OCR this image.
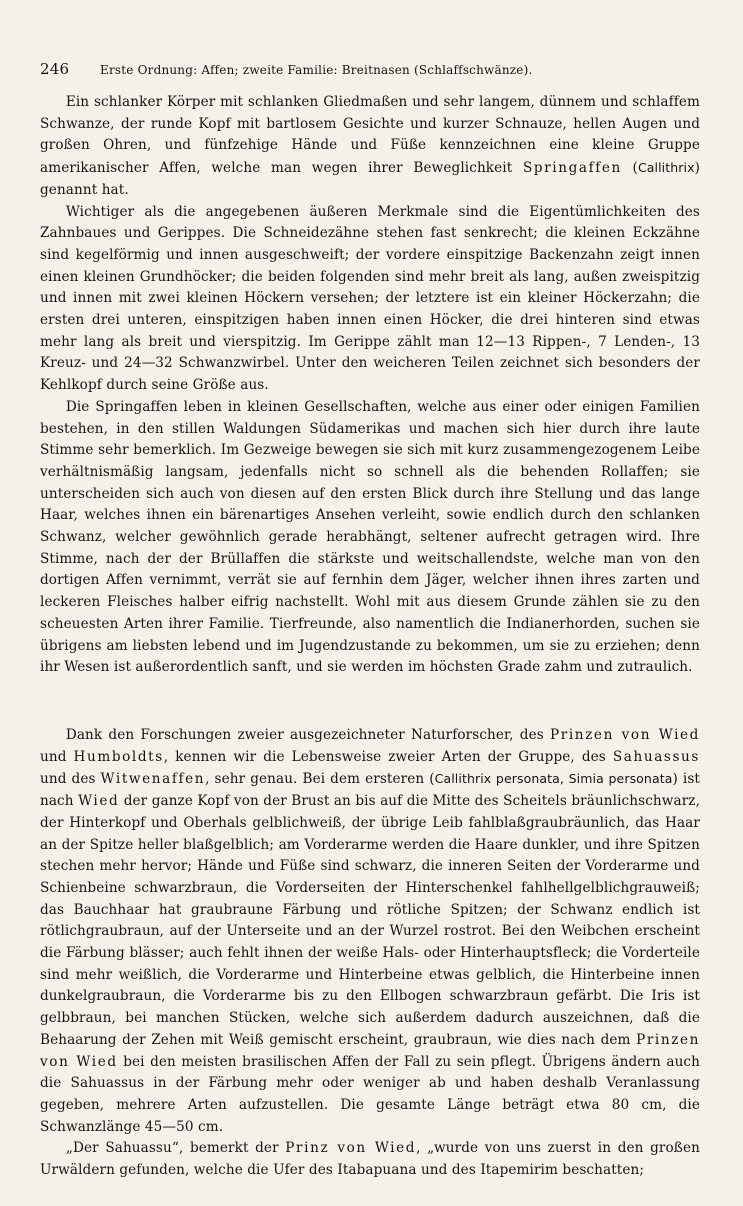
246	Erste Ordnung: Affen; zweite Familie: Breitnasen (Schlaffschwänze).

Ein schlanker Körper mit schlanken Gliedmaßen und sehr langem, dünnem und schlaffem Schwanze, der runde Kopf mit bartlosem Gesichte und kurzer Schnauze, hellen Augen und großen Ohren, und fünfzehige Hände und Füße kennzeichnen eine kleine Gruppe amerikanischer Affen, welche man wegen ihrer Beweglichkeit Springaffen (Callithrix) genannt hat.

Wichtiger als die angegebenen äußeren Merkmale sind die Eigentümlichkeiten des Zahnbaues und Gerippes. Die Schneidezähne stehen fast senkrecht; die kleinen Eckzähne sind kegelförmig und innen ausgeschweift; der vordere einspitzige Backenzahn zeigt innen einen kleinen Grundhöcker; die beiden folgenden sind mehr breit als lang, außen zweispitzig und innen mit zwei kleinen Höckern versehen; der letztere ist ein kleiner Höckerzahn; die ersten drei unteren, einspitzigen haben innen einen Höcker, die drei hinteren sind etwas mehr lang als breit und vierspitzig. Im Gerippe zählt man 12—13 Rippen-, 7 Lenden-, 13 Kreuz- und 24—32 Schwanzwirbel. Unter den weicheren Teilen zeichnet sich besonders der Kehlkopf durch seine Größe aus.

Die Springaffen leben in kleinen Gesellschaften, welche aus einer oder einigen Familien bestehen, in den stillen Waldungen Südamerikas und machen sich hier durch ihre laute Stimme sehr bemerklich. Im Gezweige bewegen sie sich mit kurz zusammengezogenem Leibe verhältnismäßig langsam, jedenfalls nicht so schnell als die behenden Rollaffen; sie unterscheiden sich auch von diesen auf den ersten Blick durch ihre Stellung und das lange Haar, welches ihnen ein bärenartiges Ansehen verleiht, sowie endlich durch den schlanken Schwanz, welcher gewöhnlich gerade herabhängt, seltener aufrecht getragen wird. Ihre Stimme, nach der der Brüllaffen die stärkste und weitschallendste, welche man von den dortigen Affen vernimmt, verrät sie auf fernhin dem Jäger, welcher ihnen ihres zarten und leckeren Fleisches halber eifrig nachstellt. Wohl mit aus diesem Grunde zählen sie zu den scheuesten Arten ihrer Familie. Tierfreunde, also namentlich die Indianerhorden, suchen sie übrigens am liebsten lebend und im Jugendzustande zu bekommen, um sie zu erziehen; denn ihr Wesen ist außerordentlich sanft, und sie werden im höchsten Grade zahm und zutraulich.

Dank den Forschungen zweier ausgezeichneter Naturforscher, des Prinzen von Wied und Humboldts, kennen wir die Lebensweise zweier Arten der Gruppe, des Sahuassus und des Witwenaffen, sehr genau. Bei dem ersteren (Callithrix personata, Simia personata) ist nach Wied der ganze Kopf von der Brust an bis auf die Mitte des Scheitels bräunlichschwarz, der Hinterkopf und Oberhals gelblichweiß, der übrige Leib fahlblaßgraubräunlich, das Haar an der Spitze heller blaßgelblich; am Vorderarme werden die Haare dunkler, und ihre Spitzen stechen mehr hervor; Hände und Füße sind schwarz, die inneren Seiten der Vorderarme und Schienbeine schwarzbraun, die Vorderseiten der Hinterschenkel fahlhellgelblichgrauweiß; das Bauchhaar hat graubraune Färbung und rötliche Spitzen; der Schwanz endlich ist rötlichgraubraun, auf der Unterseite und an der Wurzel rostrot. Bei den Weibchen erscheint die Färbung blässer; auch fehlt ihnen der weiße Hals- oder Hinterhauptsfleck; die Vorderteile sind mehr weißlich, die Vorderarme und Hinterbeine etwas gelblich, die Hinterbeine innen dunkelgraubraun, die Vorderarme bis zu den Ellbogen schwarzbraun gefärbt. Die Iris ist gelbbraun, bei manchen Stücken, welche sich außerdem dadurch auszeichnen, daß die Behaarung der Zehen mit Weiß gemischt erscheint, graubraun, wie dies nach dem Prinzen von Wied bei den meisten brasilischen Affen der Fall zu sein pflegt. Übrigens ändern auch die Sahuassus in der Färbung mehr oder weniger ab und haben deshalb Veranlassung gegeben, mehrere Arten aufzustellen. Die gesamte Länge beträgt etwa 80 cm, die Schwanzlänge 45—50 cm.

„Der Sahuassu“, bemerkt der Prinz von Wied, „wurde von uns zuerst in den großen Urwäldern gefunden, welche die Ufer des Itabapuana und des Itapemirim beschatten;
